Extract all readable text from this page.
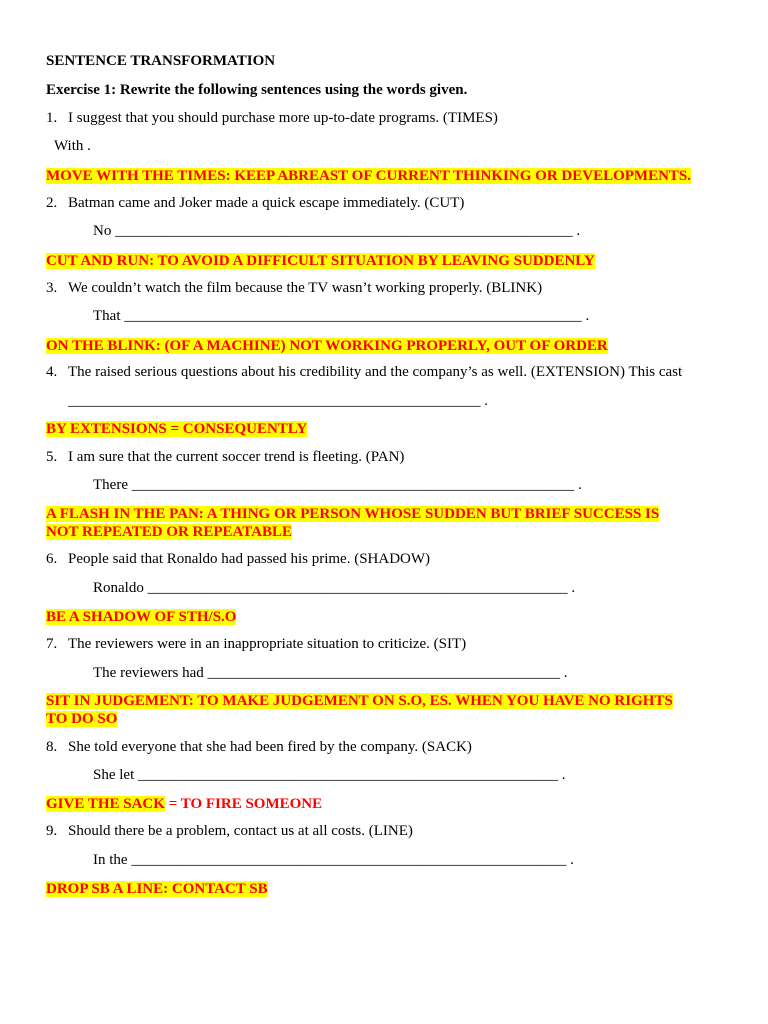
SENTENCE TRANSFORMATION
Exercise 1: Rewrite the following sentences using the words given.
1. I suggest that you should purchase more up-to-date programs. (TIMES)
With .
MOVE WITH THE TIMES: KEEP ABREAST OF CURRENT THINKING OR DEVELOPMENTS.
2. Batman came and Joker made a quick escape immediately. (CUT)
No _____________________________________________________________ .
CUT AND RUN: TO AVOID A DIFFICULT SITUATION BY LEAVING SUDDENLY
3. We couldn’t watch the film because the TV wasn’t working properly. (BLINK)
That _____________________________________________________________ .
ON THE BLINK: (OF A MACHINE) NOT WORKING PROPERLY, OUT OF ORDER
4. The raised serious questions about his credibility and the company’s as well. (EXTENSION) This cast
_______________________________________________________ .
BY EXTENSIONS = CONSEQUENTLY
5. I am sure that the current soccer trend is fleeting. (PAN)
There ___________________________________________________________ .
A FLASH IN THE PAN: A THING OR PERSON WHOSE SUDDEN BUT BRIEF SUCCESS IS
NOT REPEATED OR REPEATABLE
6. People said that Ronaldo had passed his prime. (SHADOW)
Ronaldo ________________________________________________________ .
BE A SHADOW OF STH/S.O
7. The reviewers were in an inappropriate situation to criticize. (SIT)
The reviewers had _______________________________________________ .
SIT IN JUDGEMENT: TO MAKE JUDGEMENT ON S.O, ES. WHEN YOU HAVE NO RIGHTS
TO DO SO
8. She told everyone that she had been fired by the company. (SACK)
She let ________________________________________________________ .
GIVE THE SACK = TO FIRE SOMEONE
9. Should there be a problem, contact us at all costs. (LINE)
In the __________________________________________________________ .
DROP SB A LINE: CONTACT SB
